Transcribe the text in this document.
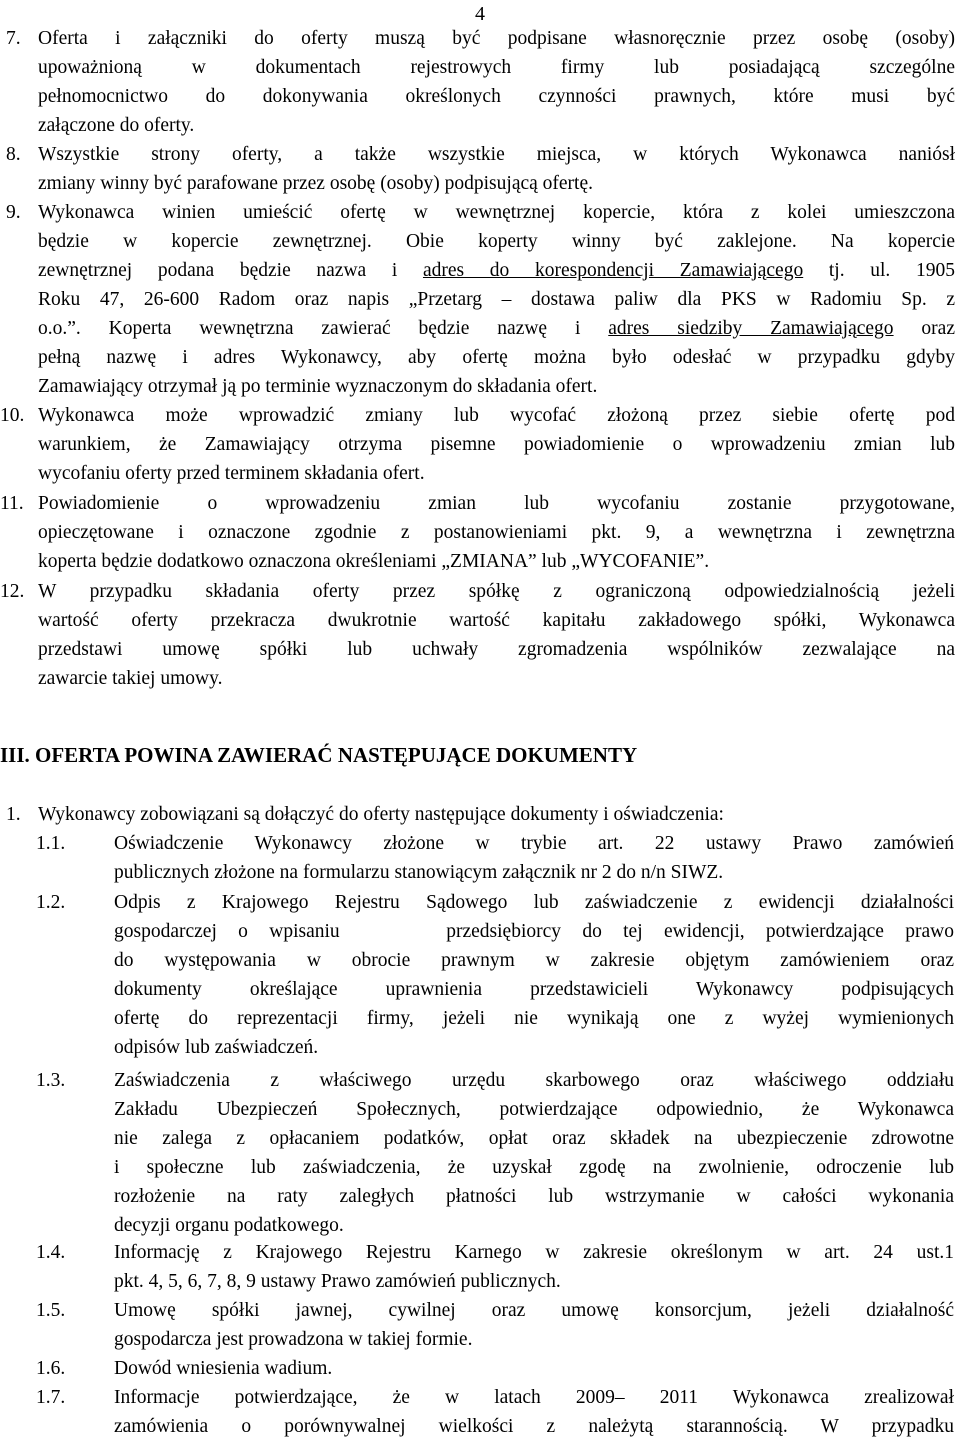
4
7. Oferta i załączniki do oferty muszą być podpisane własnoręcznie przez osobę (osoby)
upoważnioną w dokumentach rejestrowych firmy lub posiadającą szczególne
pełnomocnictwo do dokonywania określonych czynności prawnych, które musi być
załączone do oferty.
8. Wszystkie strony oferty, a także wszystkie miejsca, w których Wykonawca naniósł
zmiany winny być parafowane przez osobę (osoby) podpisującą ofertę.
9. Wykonawca winien umieścić ofertę w wewnętrznej kopercie, która z kolei umieszczona
będzie w kopercie zewnętrznej. Obie koperty winny być zaklejone. Na kopercie
zewnętrznej podana będzie nazwa i adres do korespondencji Zamawiającego tj. ul. 1905
Roku 47, 26-600 Radom oraz napis „Przetarg – dostawa paliw dla PKS w Radomiu Sp. z
o.o.”. Koperta wewnętrzna zawierać będzie nazwę i adres siedziby Zamawiającego oraz
pełną nazwę i adres Wykonawcy, aby ofertę można było odesłać w przypadku gdyby
Zamawiający otrzymał ją po terminie wyznaczonym do składania ofert.
10. Wykonawca może wprowadzić zmiany lub wycofać złożoną przez siebie ofertę pod
warunkiem, że Zamawiający otrzyma pisemne powiadomienie o wprowadzeniu zmian lub
wycofaniu oferty przed terminem składania ofert.
11. Powiadomienie o wprowadzeniu zmian lub wycofaniu zostanie przygotowane,
opieczętowane i oznaczone zgodnie z postanowieniami pkt. 9, a wewnętrzna i zewnętrzna
koperta będzie dodatkowo oznaczona określeniami „ZMIANA” lub „WYCOFANIE”.
12. W przypadku składania oferty przez spółkę z ograniczoną odpowiedzialnością jeżeli
wartość oferty przekracza dwukrotnie wartość kapitału zakładowego spółki, Wykonawca
przedstawi umowę spółki lub uchwały zgromadzenia wspólników zezwalające na
zawarcie takiej umowy.
III. OFERTA POWINA ZAWIERAĆ NASTĘPUJĄCE DOKUMENTY
1. Wykonawcy zobowiązani są dołączyć do oferty następujące dokumenty i oświadczenia:
1.1.	Oświadczenie Wykonawcy złożone w trybie art. 22 ustawy Prawo zamówień
publicznych złożone na formularzu stanowiącym załącznik nr 2 do n/n SIWZ.
1.2.	Odpis z Krajowego Rejestru Sądowego lub zaświadczenie z ewidencji działalności
gospodarczej o wpisaniu     przedsiębiorcy do tej ewidencji, potwierdzające prawo
do występowania w obrocie prawnym w zakresie objętym zamówieniem oraz
dokumenty określające uprawnienia przedstawicieli Wykonawcy podpisujących
ofertę do reprezentacji firmy, jeżeli nie wynikają one z wyżej wymienionych
odpisów lub zaświadczeń.
1.3.	Zaświadczenia z właściwego urzędu skarbowego oraz właściwego oddziału
Zakładu Ubezpieczeń Społecznych, potwierdzające odpowiednio, że Wykonawca
nie zalega z opłacaniem podatków, opłat oraz składek na ubezpieczenie zdrowotne
i społeczne lub zaświadczenia, że uzyskał zgodę na zwolnienie, odroczenie lub
rozłożenie na raty zaległych płatności lub wstrzymanie w całości wykonania
decyzji organu podatkowego.
1.4.	Informację z Krajowego Rejestru Karnego w zakresie określonym w art. 24 ust.1
pkt. 4, 5, 6, 7, 8, 9 ustawy Prawo zamówień publicznych.
1.5.	Umowę spółki jawnej, cywilnej oraz umowę konsorcjum, jeżeli działalność
gospodarcza jest prowadzona w takiej formie.
1.6.	Dowód wniesienia wadium.
1.7.	Informacje potwierdzające, że w latach 2009– 2011 Wykonawca zrealizował
zamówienia o porównywalnej wielkości z należytą starannością. W przypadku
